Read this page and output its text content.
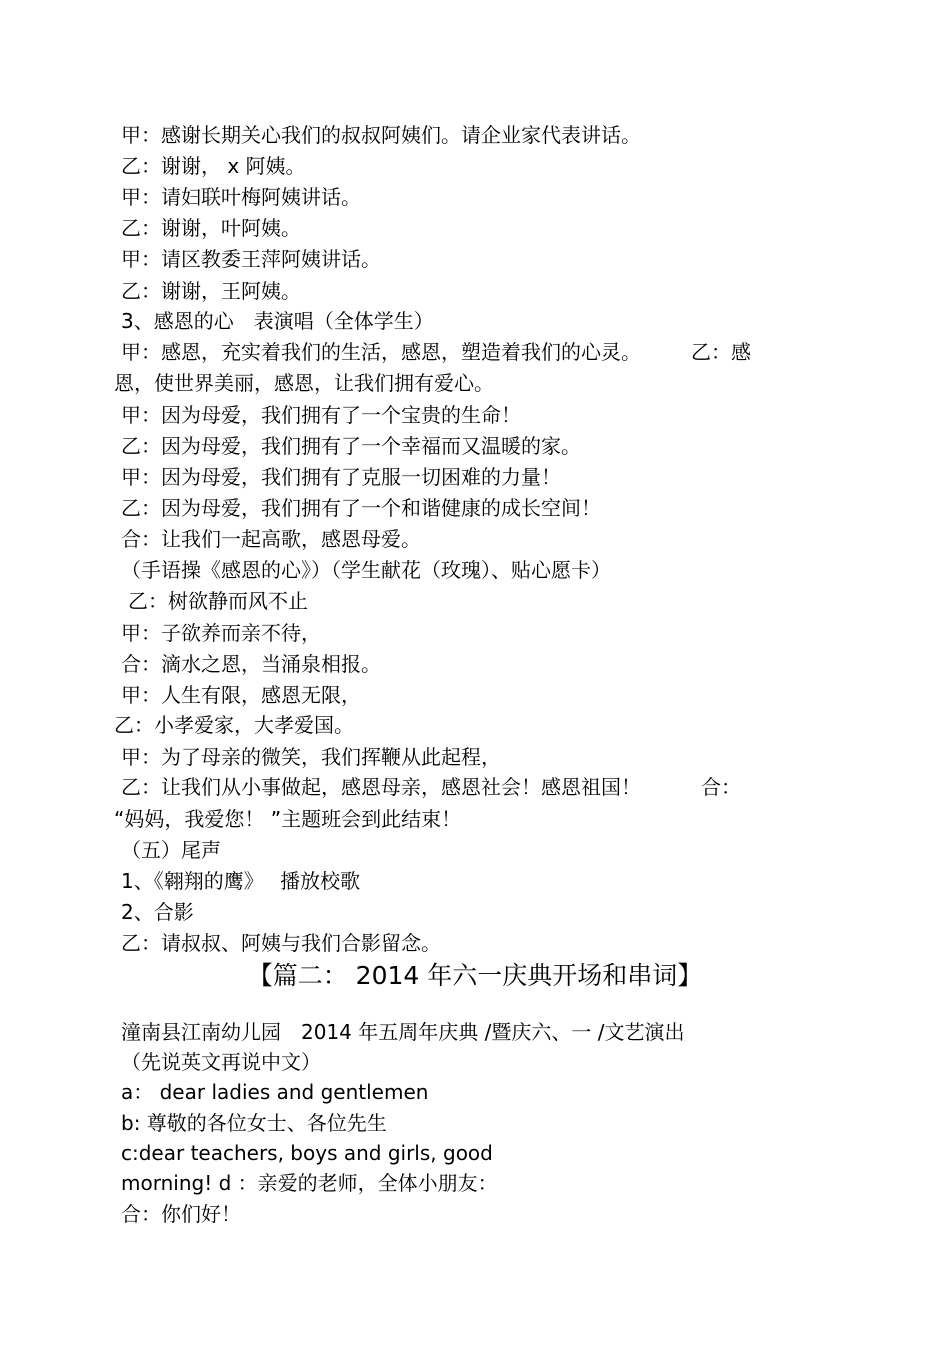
甲：感谢长期关心我们的叔叔阿姨们。请企业家代表讲话。
乙：谢谢， x 阿姨。
甲：请妇联叶梅阿姨讲话。
乙：谢谢，叶阿姨。
甲：请区教委王萍阿姨讲话。
乙：谢谢，王阿姨。
3、感恩的心　表演唱（全体学生）
甲：感恩，充实着我们的生活，感恩，塑造着我们的心灵。　　　乙：感
恩，使世界美丽，感恩，让我们拥有爱心。
甲：因为母爱，我们拥有了一个宝贵的生命！
乙：因为母爱，我们拥有了一个幸福而又温暖的家。
甲：因为母爱，我们拥有了克服一切困难的力量！
乙：因为母爱，我们拥有了一个和谐健康的成长空间！
合：让我们一起高歌，感恩母爱。
（手语操《感恩的心》）（学生献花（玫瑰）、贴心愿卡）
乙：树欲静而风不止
甲：子欲养而亲不待，
合：滴水之恩，当涌泉相报。
甲：人生有限，感恩无限，
乙：小孝爱家，大孝爱国。
甲：为了母亲的微笑，我们挥鞭从此起程，
乙：让我们从小事做起，感恩母亲，感恩社会！感恩祖国！　　　合：
“妈妈，我爱您！ ”主题班会到此结束！
（五）尾声
1、《翱翔的鹰》　 播放校歌
2、合影
乙：请叔叔、阿姨与我们合影留念。
【篇二： 2014 年六一庆典开场和串词】
潼南县江南幼儿园　2014 年五周年庆典 /暨庆六、一 /文艺演出
（先说英文再说中文）
a： dear ladies and gentlemen
b: 尊敬的各位女士、各位先生
c:dear teachers, boys and girls, good
morning! d ：亲爱的老师，全体小朋友：
合：你们好！
